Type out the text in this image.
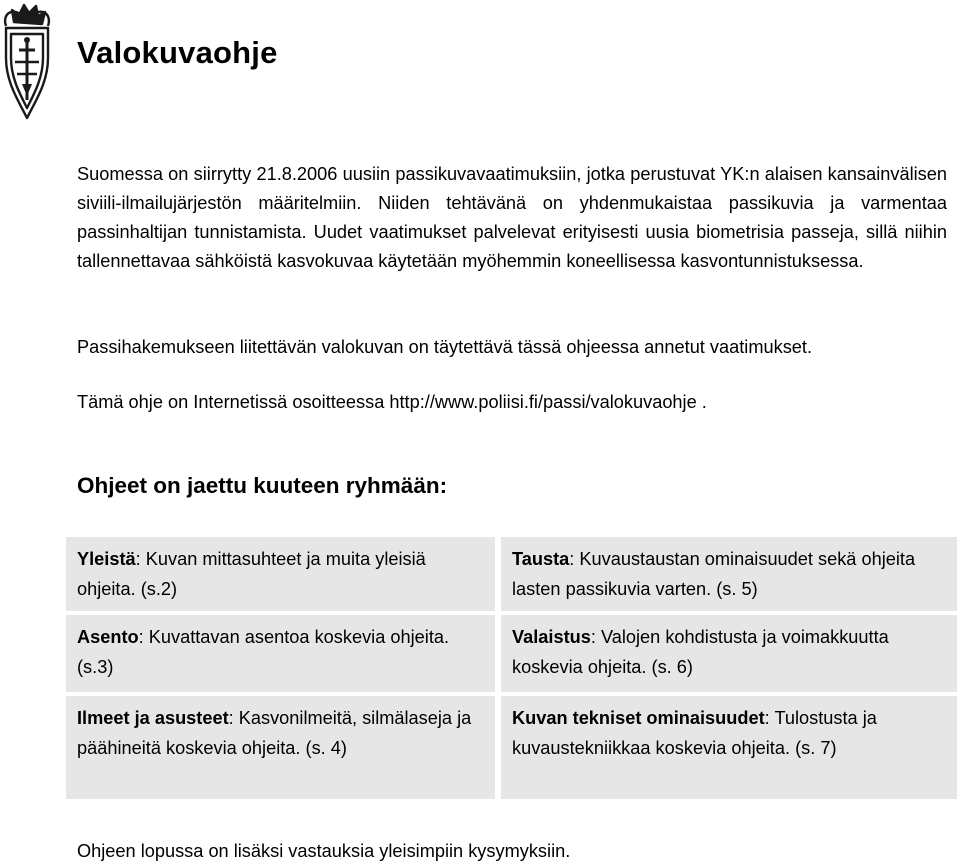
Valokuvaohje

Suomessa on siirrytty 21.8.2006 uusiin passikuvavaatimuksiin, jotka perustuvat YK:n alaisen kansainvälisen siviili-ilmailujärjestön määritelmiin. Niiden tehtävänä on yhdenmukaistaa passikuvia ja varmentaa passinhaltijan tunnistamista. Uudet vaatimukset palvelevat erityisesti uusia biometrisia passeja, sillä niihin tallennettavaa sähköistä kasvokuvaa käytetään myöhemmin koneellisessa kasvontunnistuksessa.

Passihakemukseen liitettävän valokuvan on täytettävä tässä ohjeessa annetut vaatimukset.

Tämä ohje on Internetissä osoitteessa http://www.poliisi.fi/passi/valokuvaohje .

Ohjeet on jaettu kuuteen ryhmään:
Yleistä: Kuvan mittasuhteet ja muita yleisiä ohjeita. (s.2)
Tausta: Kuvaustaustan ominaisuudet sekä ohjeita lasten passikuvia varten. (s. 5)
Asento: Kuvattavan asentoa koskevia ohjeita. (s.3)
Valaistus: Valojen kohdistusta ja voimakkuutta koskevia ohjeita. (s. 6)
Ilmeet ja asusteet: Kasvonilmeitä, silmälaseja ja päähineitä koskevia ohjeita. (s. 4)
Kuvan tekniset ominaisuudet: Tulostusta ja kuvaustekniikkaa koskevia ohjeita. (s. 7)

Ohjeen lopussa on lisäksi vastauksia yleisimpiin kysymyksiin.
